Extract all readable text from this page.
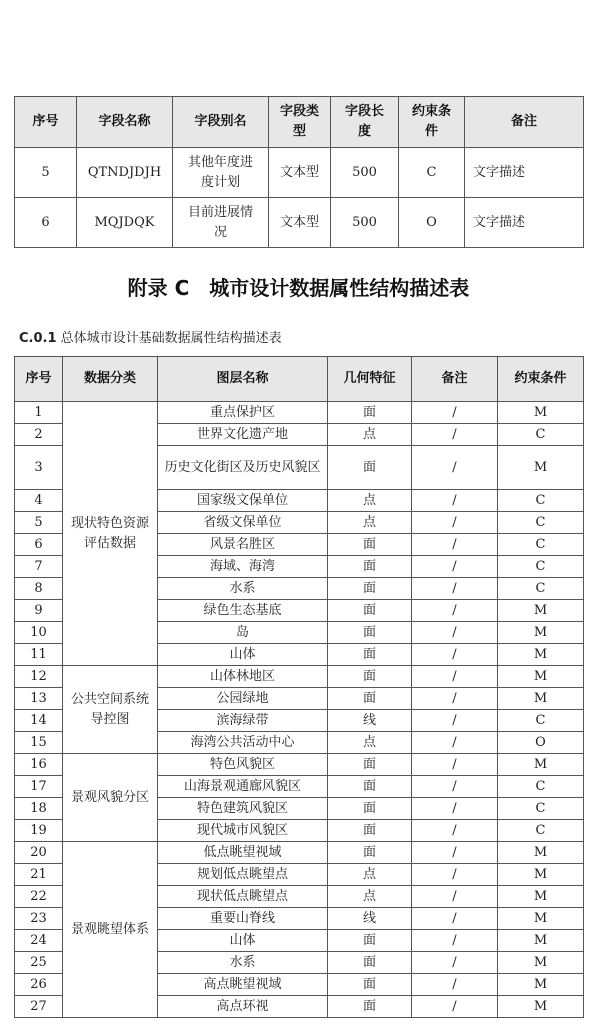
序号	字段名称	字段别名	字段类型	字段长度	约束条件	备注
5	QTNDJDJH	其他年度进度计划	文本型	500	C	文字描述
6	MQJDQK	目前进展情况	文本型	500	O	文字描述
附录 C　城市设计数据属性结构描述表
C.0.1 总体城市设计基础数据属性结构描述表
序号	数据分类	图层名称	几何特征	备注	约束条件
1	现状特色资源评估数据	重点保护区	面	/	M
2		世界文化遗产地	点	/	C
3		历史文化街区及历史风貌区	面	/	M
4		国家级文保单位	点	/	C
5		省级文保单位	点	/	C
6		风景名胜区	面	/	C
7		海域、海湾	面	/	C
8		水系	面	/	C
9		绿色生态基底	面	/	M
10		岛	面	/	M
11		山体	面	/	M
12	公共空间系统导控图	山体林地区	面	/	M
13		公园绿地	面	/	M
14		滨海绿带	线	/	C
15		海湾公共活动中心	点	/	O
16	景观风貌分区	特色风貌区	面	/	M
17		山海景观通廊风貌区	面	/	C
18		特色建筑风貌区	面	/	C
19		现代城市风貌区	面	/	C
20	景观眺望体系	低点眺望视域	面	/	M
21		规划低点眺望点	点	/	M
22		现状低点眺望点	点	/	M
23		重要山脊线	线	/	M
24		山体	面	/	M
25		水系	面	/	M
26		高点眺望视域	面	/	M
27		高点环视	面	/	M
